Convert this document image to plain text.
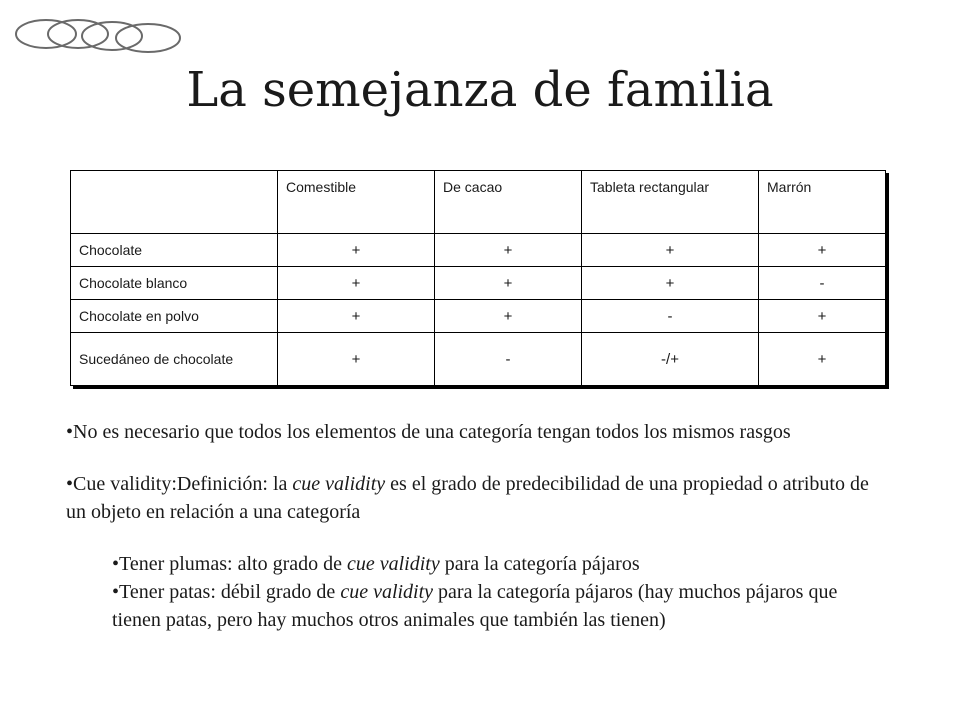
La semejanza de familia
	Comestible	De cacao	Tableta rectangular	Marrón
Chocolate	+	+	+	+
Chocolate blanco	+	+	+	-
Chocolate en polvo	+	+	-	+
Sucedáneo de chocolate	+	-	-/+	+

•No es necesario que todos los elementos de una categoría tengan todos los mismos rasgos

•Cue validity:Definición: la cue validity es el grado de predecibilidad de una propiedad o atributo de un objeto en relación a una categoría

•Tener plumas: alto grado de cue validity para la categoría pájaros

•Tener patas: débil grado de cue validity para la categoría pájaros (hay muchos pájaros que tienen patas, pero hay muchos otros animales que también las tienen)
